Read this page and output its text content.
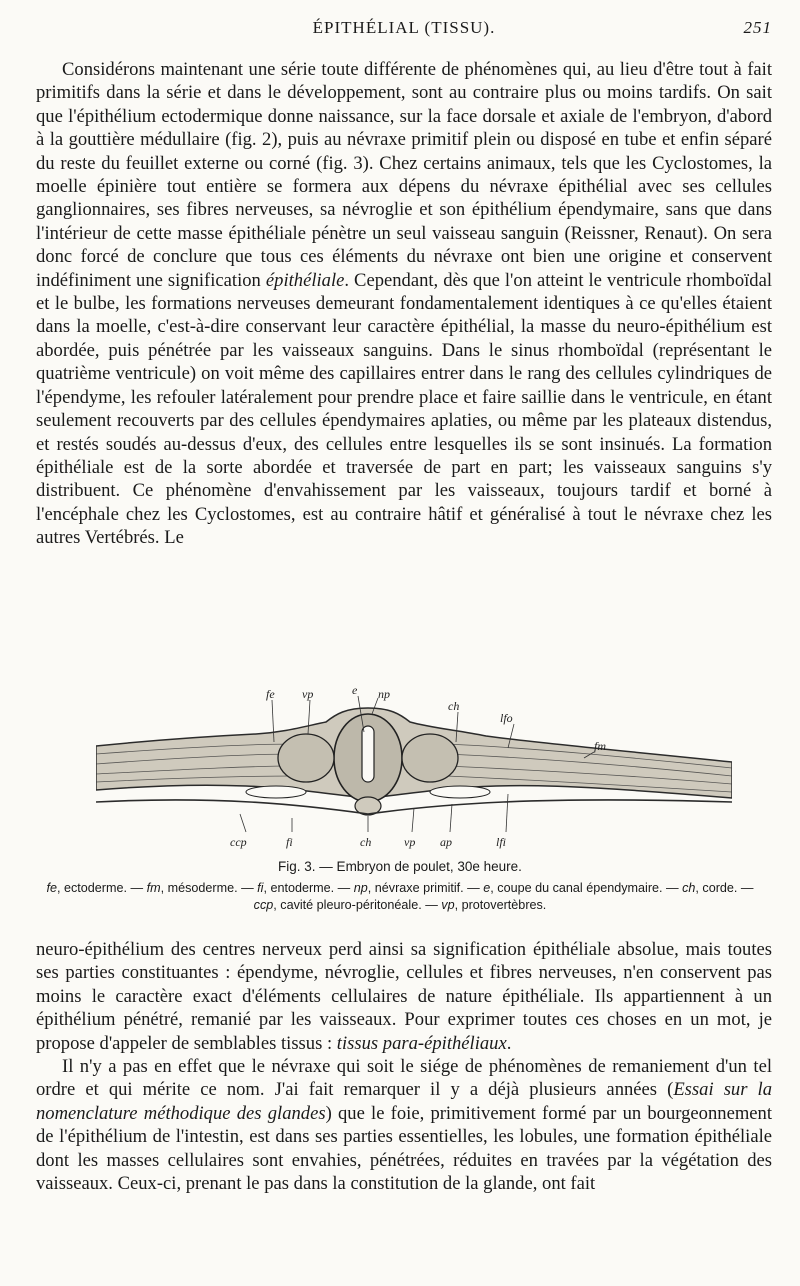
ÉPITHÉLIAL (TISSU).	251

Considérons maintenant une série toute différente de phénomènes qui, au lieu d'être tout à fait primitifs dans la série et dans le développement, sont au contraire plus ou moins tardifs. On sait que l'épithélium ectodermique donne naissance, sur la face dorsale et axiale de l'embryon, d'abord à la gouttière médullaire (fig. 2), puis au névraxe primitif plein ou disposé en tube et enfin séparé du reste du feuillet externe ou corné (fig. 3). Chez certains animaux, tels que les Cyclostomes, la moelle épinière tout entière se formera aux dépens du névraxe épithélial avec ses cellules ganglionnaires, ses fibres nerveuses, sa névroglie et son épithélium épendymaire, sans que dans l'intérieur de cette masse épithéliale pénètre un seul vaisseau sanguin (Reissner, Renaut). On sera donc forcé de conclure que tous ces éléments du névraxe ont bien une origine et conservent indéfiniment une signification épithéliale. Cependant, dès que l'on atteint le ventricule rhomboïdal et le bulbe, les formations nerveuses demeurant fondamentalement identiques à ce qu'elles étaient dans la moelle, c'est-à-dire conservant leur caractère épithélial, la masse du neuro-épithélium est abordée, puis pénétrée par les vaisseaux sanguins. Dans le sinus rhomboïdal (représentant le quatrième ventricule) on voit même des capillaires entrer dans le rang des cellules cylindriques de l'épendyme, les refouler latéralement pour prendre place et faire saillie dans le ventricule, en étant seulement recouverts par des cellules épendymaires aplaties, ou même par les plateaux distendus, et restés soudés au-dessus d'eux, des cellules entre lesquelles ils se sont insinués. La formation épithéliale est de la sorte abordée et traversée de part en part; les vaisseaux sanguins s'y distribuent. Ce phénomène d'envahissement par les vaisseaux, toujours tardif et borné à l'encéphale chez les Cyclostomes, est au contraire hâtif et généralisé à tout le névraxe chez les autres Vertébrés. Le

fe vp	e np
ch
lfo
fm
ccp	fi	ch	vp ap	lfi
Fig. 3. — Embryon de poulet, 30e heure.
fe, ectoderme. — fm, mésoderme. — fi, entoderme. — np, névraxe primitif. — e, coupe du canal épendymaire. — ch, corde. — ccp, cavité pleuro-péritonéale. — vp, protovertèbres.

neuro-épithélium des centres nerveux perd ainsi sa signification épithéliale absolue, mais toutes ses parties constituantes : épendyme, névroglie, cellules et fibres nerveuses, n'en conservent pas moins le caractère exact d'éléments cellulaires de nature épithéliale. Ils appartiennent à un épithélium pénétré, remanié par les vaisseaux. Pour exprimer toutes ces choses en un mot, je propose d'appeler de semblables tissus : tissus para-épithéliaux.

Il n'y a pas en effet que le névraxe qui soit le siége de phénomènes de remaniement d'un tel ordre et qui mérite ce nom. J'ai fait remarquer il y a déjà plusieurs années (Essai sur la nomenclature méthodique des glandes) que le foie, primitivement formé par un bourgeonnement de l'épithélium de l'intestin, est dans ses parties essentielles, les lobules, une formation épithéliale dont les masses cellulaires sont envahies, pénétrées, réduites en travées par la végétation des vaisseaux. Ceux-ci, prenant le pas dans la constitution de la glande, ont fait
